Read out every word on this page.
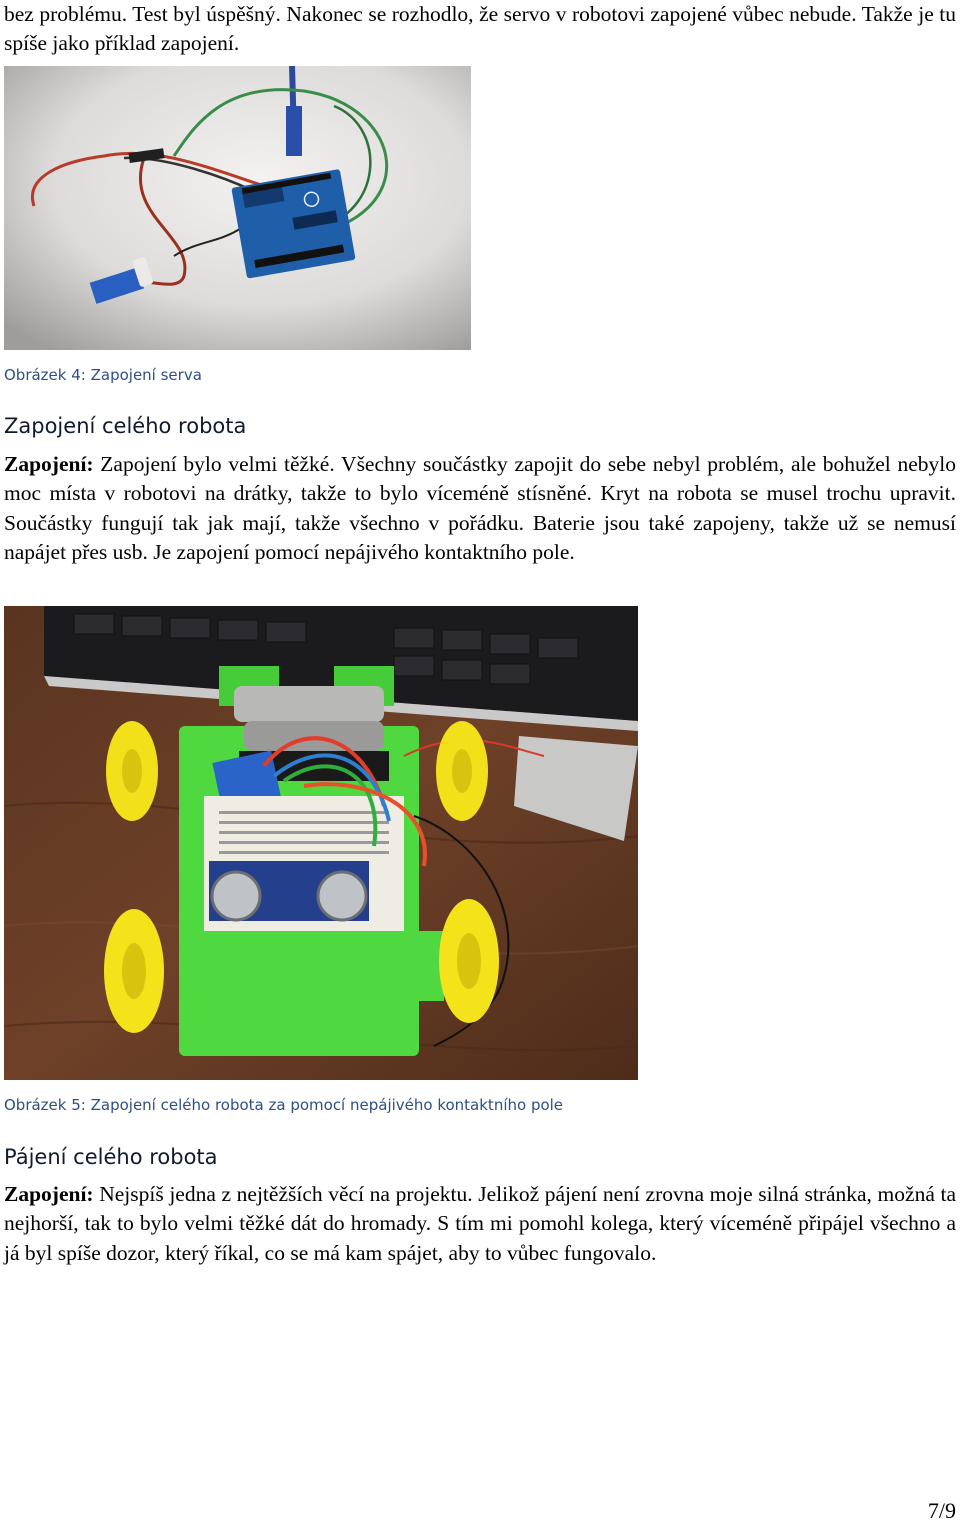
bez problému. Test byl úspěšný. Nakonec se rozhodlo, že servo v robotovi zapojené vůbec nebude. Takže je tu spíše jako příklad zapojení.
Obrázek 4: Zapojení serva
Zapojení celého robota
Zapojení: Zapojení bylo velmi těžké. Všechny součástky zapojit do sebe nebyl problém, ale bohužel nebylo moc místa v robotovi na drátky, takže to bylo víceméně stísněné. Kryt na robota se musel trochu upravit. Součástky fungují tak jak mají, takže všechno v pořádku. Baterie jsou také zapojeny, takže už se nemusí napájet přes usb. Je zapojení pomocí nepájivého kontaktního pole.
Obrázek 5: Zapojení celého robota za pomocí nepájivého kontaktního pole
Pájení celého robota
Zapojení: Nejspíš jedna z nejtěžších věcí na projektu. Jelikož pájení není zrovna moje silná stránka, možná ta nejhorší, tak to bylo velmi těžké dát do hromady. S tím mi pomohl kolega, který víceméně připájel všechno a já byl spíše dozor, který říkal, co se má kam spájet, aby to vůbec fungovalo.
7/9
